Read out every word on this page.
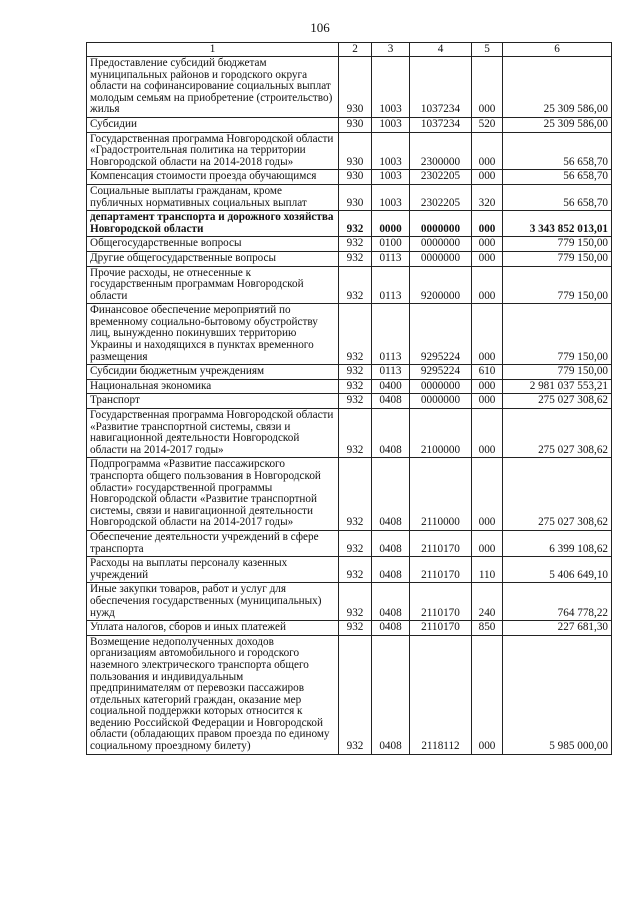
106
1	2	3	4	5	6
Предоставление субсидий бюджетам муниципальных районов и городского округа области на софинансирование социальных выплат молодым семьям на приобретение (строительство) жилья	930	1003	1037234	000	25 309 586,00
Субсидии	930	1003	1037234	520	25 309 586,00
Государственная программа Новгородской области «Градостроительная политика на территории Новгородской области на 2014-2018 годы»	930	1003	2300000	000	56 658,70
Компенсация стоимости проезда обучающимся	930	1003	2302205	000	56 658,70
Социальные выплаты гражданам, кроме публичных нормативных социальных выплат	930	1003	2302205	320	56 658,70
департамент транспорта и дорожного хозяйства Новгородской области	932	0000	0000000	000	3 343 852 013,01
Общегосударственные вопросы	932	0100	0000000	000	779 150,00
Другие общегосударственные вопросы	932	0113	0000000	000	779 150,00
Прочие расходы, не отнесенные к государственным программам Новгородской области	932	0113	9200000	000	779 150,00
Финансовое обеспечение мероприятий по временному социально-бытовому обустройству лиц, вынужденно покинувших территорию Украины и находящихся в пунктах временного размещения	932	0113	9295224	000	779 150,00
Субсидии бюджетным учреждениям	932	0113	9295224	610	779 150,00
Национальная экономика	932	0400	0000000	000	2 981 037 553,21
Транспорт	932	0408	0000000	000	275 027 308,62
Государственная программа Новгородской области «Развитие транспортной системы, связи и навигационной деятельности Новгородской области на 2014-2017 годы»	932	0408	2100000	000	275 027 308,62
Подпрограмма «Развитие пассажирского транспорта общего пользования в Новгородской области» государственной программы Новгородской области «Развитие транспортной системы, связи и навигационной деятельности Новгородской области на 2014-2017 годы»	932	0408	2110000	000	275 027 308,62
Обеспечение деятельности учреждений в сфере транспорта	932	0408	2110170	000	6 399 108,62
Расходы на выплаты персоналу казенных учреждений	932	0408	2110170	110	5 406 649,10
Иные закупки товаров, работ и услуг для обеспечения государственных (муниципальных) нужд	932	0408	2110170	240	764 778,22
Уплата налогов, сборов и иных платежей	932	0408	2110170	850	227 681,30
Возмещение недополученных доходов организациям автомобильного и городского наземного электрического транспорта общего пользования и индивидуальным предпринимателям от перевозки пассажиров отдельных категорий граждан, оказание мер социальной поддержки которых относится к ведению Российской Федерации и Новгородской области (обладающих правом проезда по единому социальному проездному билету)	932	0408	2118112	000	5 985 000,00
